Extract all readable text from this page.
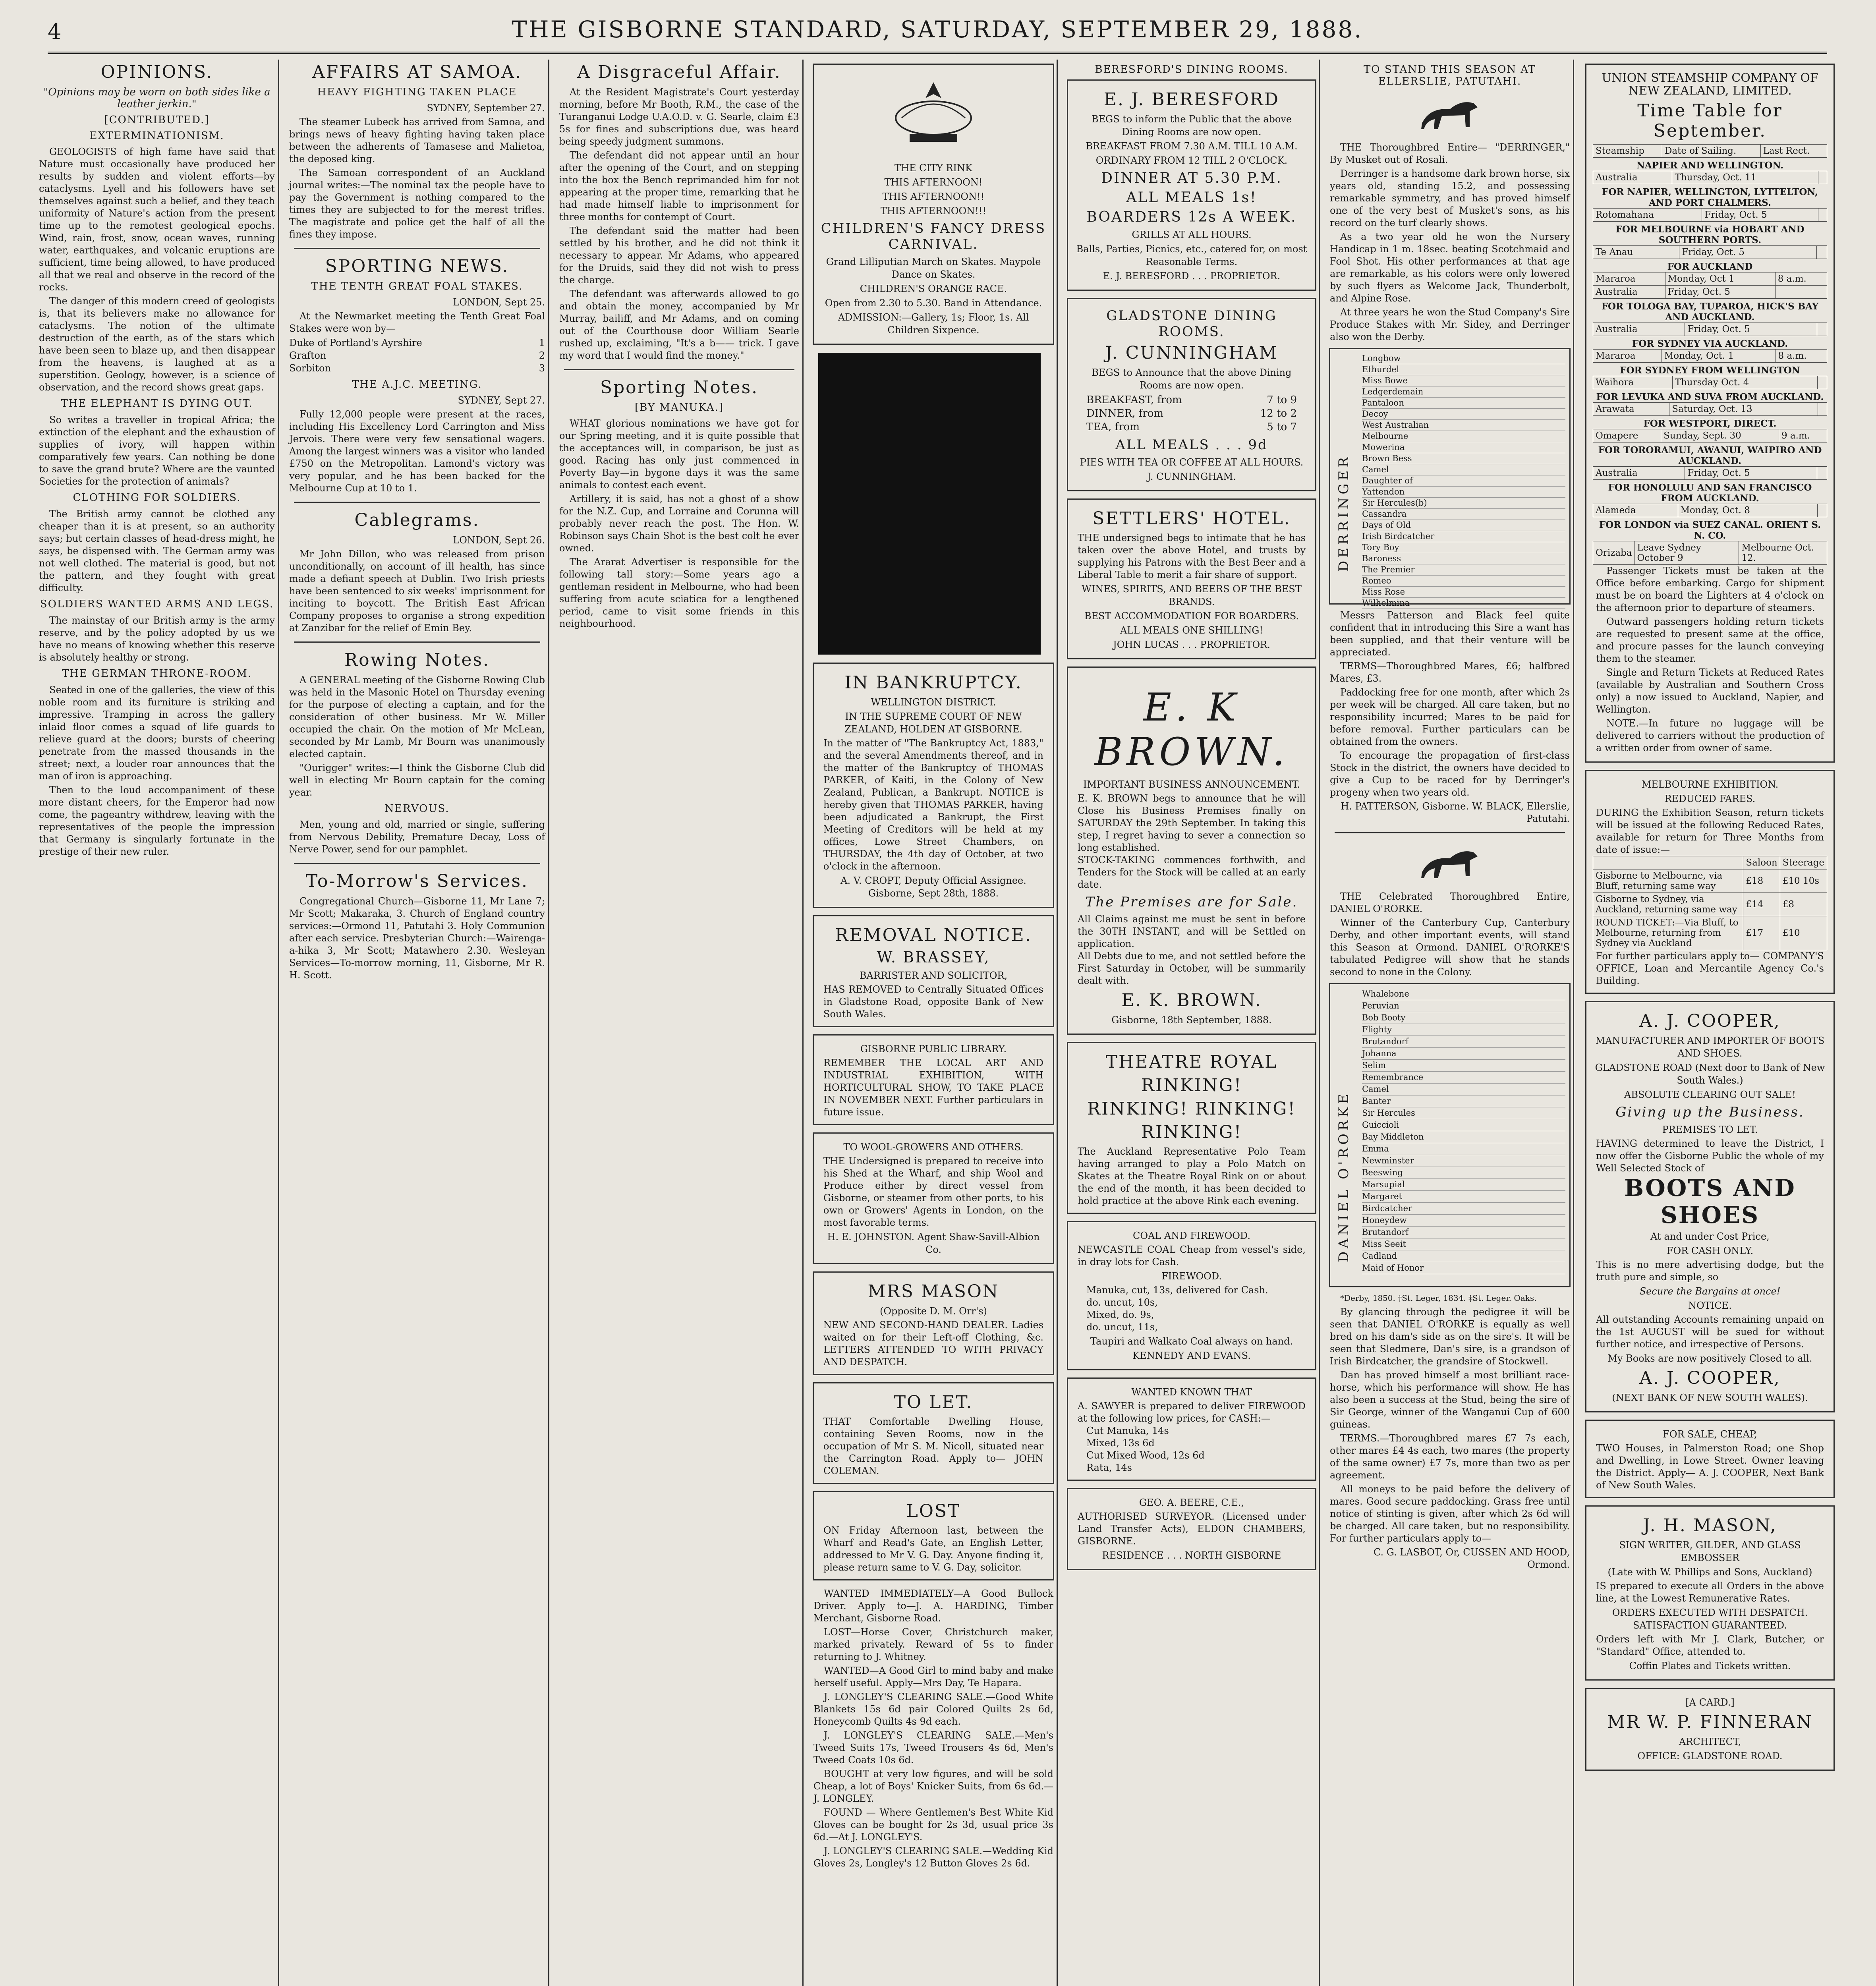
4	THE GISBORNE STANDARD, SATURDAY, SEPTEMBER 29, 1888.
OPINIONS.
"Opinions may be worn on both sides like a leather jerkin."
[CONTRIBUTED.]
EXTERMINATIONISM.

GEOLOGISTS of high fame have said that Nature must occasionally have produced her results by sudden and violent efforts—by cataclysms. Lyell and his followers have set themselves against such a belief, and they teach uniformity of Nature's action from the present time up to the remotest geological epochs. Wind, rain, frost, snow, ocean waves, running water, earthquakes, and volcanic eruptions are sufficient, time being allowed, to have produced all that we real and observe in the record of the rocks.

The danger of this modern creed of geologists is, that its believers make no allowance for cataclysms. The notion of the ultimate destruction of the earth, as of the stars which have been seen to blaze up, and then disappear from the heavens, is laughed at as a superstition. Geology, however, is a science of observation, and the record shows great gaps.

THE ELEPHANT IS DYING OUT.

So writes a traveller in tropical Africa; the extinction of the elephant and the exhaustion of supplies of ivory, will happen within comparatively few years. Can nothing be done to save the grand brute? Where are the vaunted Societies for the protection of animals?

CLOTHING FOR SOLDIERS.

The British army cannot be clothed any cheaper than it is at present, so an authority says; but certain classes of head-dress might, he says, be dispensed with. The German army was not well clothed. The material is good, but not the pattern, and they fought with great difficulty.

SOLDIERS WANTED ARMS AND LEGS.

The mainstay of our British army is the army reserve, and by the policy adopted by us we have no means of knowing whether this reserve is absolutely healthy or strong.

THE GERMAN THRONE-ROOM.

Seated in one of the galleries, the view of this noble room and its furniture is striking and impressive. Tramping in across the gallery inlaid floor comes a squad of life guards to relieve guard at the doors; bursts of cheering penetrate from the massed thousands in the street; next, a louder roar announces that the man of iron is approaching.

Then to the loud accompaniment of these more distant cheers, for the Emperor had now come, the pageantry withdrew, leaving with the representatives of the people the impression that Germany is singularly fortunate in the prestige of their new ruler.

AFFAIRS AT SAMOA.
HEAVY FIGHTING TAKEN PLACE

SYDNEY, September 27.

The steamer Lubeck has arrived from Samoa, and brings news of heavy fighting having taken place between the adherents of Tamasese and Malietoa, the deposed king.

The Samoan correspondent of an Auckland journal writes:—The nominal tax the people have to pay the Government is nothing compared to the times they are subjected to for the merest trifles. The magistrate and police get the half of all the fines they impose.

SPORTING NEWS.
THE TENTH GREAT FOAL STAKES.

LONDON, Sept 25.

At the Newmarket meeting the Tenth Great Foal Stakes were won by—

Duke of Portland's Ayrshire	1
Grafton	2
Sorbiton	3
THE A.J.C. MEETING.

SYDNEY, Sept 27.

Fully 12,000 people were present at the races, including His Excellency Lord Carrington and Miss Jervois. There were very few sensational wagers. Among the largest winners was a visitor who landed £750 on the Metropolitan. Lamond's victory was very popular, and he has been backed for the Melbourne Cup at 10 to 1.

Cablegrams.

LONDON, Sept 26.

Mr John Dillon, who was released from prison unconditionally, on account of ill health, has since made a defiant speech at Dublin. Two Irish priests have been sentenced to six weeks' imprisonment for inciting to boycott. The British East African Company proposes to organise a strong expedition at Zanzibar for the relief of Emin Bey.

Rowing Notes.

A GENERAL meeting of the Gisborne Rowing Club was held in the Masonic Hotel on Thursday evening for the purpose of electing a captain, and for the consideration of other business. Mr W. Miller occupied the chair. On the motion of Mr McLean, seconded by Mr Lamb, Mr Bourn was unanimously elected captain.

"Ourigger" writes:—I think the Gisborne Club did well in electing Mr Bourn captain for the coming year.

NERVOUS.

Men, young and old, married or single, suffering from Nervous Debility, Premature Decay, Loss of Nerve Power, send for our pamphlet.

To-Morrow's Services.

Congregational Church—Gisborne 11, Mr Lane 7; Mr Scott; Makaraka, 3. Church of England country services:—Ormond 11, Patutahi 3. Holy Communion after each service. Presbyterian Church:—Wairenga-a-hika 3, Mr Scott; Matawhero 2.30. Wesleyan Services—To-morrow morning, 11, Gisborne, Mr R. H. Scott.

A Disgraceful Affair.

At the Resident Magistrate's Court yesterday morning, before Mr Booth, R.M., the case of the Turanganui Lodge U.A.O.D. v. G. Searle, claim £3 5s for fines and subscriptions due, was heard being speedy judgment summons.

The defendant did not appear until an hour after the opening of the Court, and on stepping into the box the Bench reprimanded him for not appearing at the proper time, remarking that he had made himself liable to imprisonment for three months for contempt of Court.

The defendant said the matter had been settled by his brother, and he did not think it necessary to appear. Mr Adams, who appeared for the Druids, said they did not wish to press the charge.

The defendant was afterwards allowed to go and obtain the money, accompanied by Mr Murray, bailiff, and Mr Adams, and on coming out of the Courthouse door William Searle rushed up, exclaiming, "It's a b—— trick. I gave my word that I would find the money."

Sporting Notes.
[BY MANUKA.]

WHAT glorious nominations we have got for our Spring meeting, and it is quite possible that the acceptances will, in comparison, be just as good. Racing has only just commenced in Poverty Bay—in bygone days it was the same animals to contest each event.

Artillery, it is said, has not a ghost of a show for the N.Z. Cup, and Lorraine and Corunna will probably never reach the post. The Hon. W. Robinson says Chain Shot is the best colt he ever owned.

The Ararat Advertiser is responsible for the following tall story:—Some years ago a gentleman resident in Melbourne, who had been suffering from acute sciatica for a lengthened period, came to visit some friends in this neighbourhood.

THE CITY RINK
THIS AFTERNOON!
THIS AFTERNOON!!
THIS AFTERNOON!!!
CHILDREN'S FANCY DRESS CARNIVAL.
Grand Lilliputian March on Skates. Maypole Dance on Skates.
CHILDREN'S ORANGE RACE.
Open from 2.30 to 5.30. Band in Attendance.
ADMISSION:—Gallery, 1s; Floor, 1s. All Children Sixpence.
IN BANKRUPTCY.
WELLINGTON DISTRICT.
IN THE SUPREME COURT OF NEW ZEALAND, HOLDEN AT GISBORNE.
In the matter of "The Bankruptcy Act, 1883," and the several Amendments thereof, and in the matter of the Bankruptcy of THOMAS PARKER, of Kaiti, in the Colony of New Zealand, Publican, a Bankrupt. NOTICE is hereby given that THOMAS PARKER, having been adjudicated a Bankrupt, the First Meeting of Creditors will be held at my offices, Lowe Street Chambers, on THURSDAY, the 4th day of October, at two o'clock in the afternoon.
A. V. CROPT, Deputy Official Assignee. Gisborne, Sept 28th, 1888.
REMOVAL NOTICE.
W. BRASSEY,
BARRISTER AND SOLICITOR,
HAS REMOVED to Centrally Situated Offices in Gladstone Road, opposite Bank of New South Wales.
GISBORNE PUBLIC LIBRARY.
REMEMBER THE LOCAL ART AND INDUSTRIAL EXHIBITION, WITH HORTICULTURAL SHOW, TO TAKE PLACE IN NOVEMBER NEXT. Further particulars in future issue.
TO WOOL-GROWERS AND OTHERS.
THE Undersigned is prepared to receive into his Shed at the Wharf, and ship Wool and Produce either by direct vessel from Gisborne, or steamer from other ports, to his own or Growers' Agents in London, on the most favorable terms.
H. E. JOHNSTON. Agent Shaw-Savill-Albion Co.
MRS MASON
(Opposite D. M. Orr's)
NEW AND SECOND-HAND DEALER. Ladies waited on for their Left-off Clothing, &c. LETTERS ATTENDED TO WITH PRIVACY AND DESPATCH.
TO LET.
THAT Comfortable Dwelling House, containing Seven Rooms, now in the occupation of Mr S. M. Nicoll, situated near the Carrington Road. Apply to— JOHN COLEMAN.
LOST
ON Friday Afternoon last, between the Wharf and Read's Gate, an English Letter, addressed to Mr V. G. Day. Anyone finding it, please return same to V. G. Day, solicitor.

WANTED IMMEDIATELY—A Good Bullock Driver. Apply to—J. A. HARDING, Timber Merchant, Gisborne Road.

LOST—Horse Cover, Christchurch maker, marked privately. Reward of 5s to finder returning to J. Whitney.

WANTED—A Good Girl to mind baby and make herself useful. Apply—Mrs Day, Te Hapara.

J. LONGLEY'S CLEARING SALE.—Good White Blankets 15s 6d pair Colored Quilts 2s 6d, Honeycomb Quilts 4s 9d each.

J. LONGLEY'S CLEARING SALE.—Men's Tweed Suits 17s, Tweed Trousers 4s 6d, Men's Tweed Coats 10s 6d.

BOUGHT at very low figures, and will be sold Cheap, a lot of Boys' Knicker Suits, from 6s 6d.—J. LONGLEY.

FOUND — Where Gentlemen's Best White Kid Gloves can be bought for 2s 3d, usual price 3s 6d.—At J. LONGLEY'S.

J. LONGLEY'S CLEARING SALE.—Wedding Kid Gloves 2s, Longley's 12 Button Gloves 2s 6d.

BERESFORD'S DINING ROOMS.
E. J. BERESFORD
BEGS to inform the Public that the above Dining Rooms are now open.
BREAKFAST FROM 7.30 A.M. TILL 10 A.M.
ORDINARY FROM 12 TILL 2 O'CLOCK.
DINNER AT 5.30 P.M.
ALL MEALS 1s!
BOARDERS 12s A WEEK.
GRILLS AT ALL HOURS.
Balls, Parties, Picnics, etc., catered for, on most Reasonable Terms.
E. J. BERESFORD . . . PROPRIETOR.
GLADSTONE DINING ROOMS.
J. CUNNINGHAM
BEGS to Announce that the above Dining Rooms are now open.
BREAKFAST, from	7 to 9
DINNER, from	12 to 2
TEA, from	5 to 7
ALL MEALS . . . 9d
PIES WITH TEA OR COFFEE AT ALL HOURS.
J. CUNNINGHAM.
SETTLERS' HOTEL.
THE undersigned begs to intimate that he has taken over the above Hotel, and trusts by supplying his Patrons with the Best Beer and a Liberal Table to merit a fair share of support.
WINES, SPIRITS, AND BEERS OF THE BEST BRANDS.
BEST ACCOMMODATION FOR BOARDERS.
ALL MEALS ONE SHILLING!
JOHN LUCAS . . . PROPRIETOR.
E. K BROWN.
IMPORTANT BUSINESS ANNOUNCEMENT.
E. K. BROWN begs to announce that he will Close his Business Premises finally on SATURDAY the 29th September. In taking this step, I regret having to sever a connection so long established.
STOCK-TAKING commences forthwith, and Tenders for the Stock will be called at an early date.
The Premises are for Sale.
All Claims against me must be sent in before the 30TH INSTANT, and will be Settled on application.
All Debts due to me, and not settled before the First Saturday in October, will be summarily dealt with.
E. K. BROWN.
Gisborne, 18th September, 1888.
THEATRE ROYAL
RINKING!
RINKING! RINKING!
RINKING!
The Auckland Representative Polo Team having arranged to play a Polo Match on Skates at the Theatre Royal Rink on or about the end of the month, it has been decided to hold practice at the above Rink each evening.
COAL AND FIREWOOD.
NEWCASTLE COAL Cheap from vessel's side, in dray lots for Cash.
FIREWOOD.
Manuka, cut, 13s, delivered for Cash.
do. uncut, 10s,
Mixed, do. 9s,
do. uncut, 11s,
Taupiri and Walkato Coal always on hand.
KENNEDY AND EVANS.
WANTED KNOWN THAT
A. SAWYER is prepared to deliver FIREWOOD at the following low prices, for CASH:—
Cut Manuka, 14s
Mixed, 13s 6d
Cut Mixed Wood, 12s 6d
Rata, 14s
GEO. A. BEERE, C.E.,
AUTHORISED SURVEYOR. (Licensed under Land Transfer Acts), ELDON CHAMBERS, GISBORNE.
RESIDENCE . . . NORTH GISBORNE
TO STAND THIS SEASON AT ELLERSLIE, PATUTAHI.

THE Thoroughbred Entire— "DERRINGER," By Musket out of Rosali.

Derringer is a handsome dark brown horse, six years old, standing 15.2, and possessing remarkable symmetry, and has proved himself one of the very best of Musket's sons, as his record on the turf clearly shows.

As a two year old he won the Nursery Handicap in 1 m. 18sec. beating Scotchmaid and Fool Shot. His other performances at that age are remarkable, as his colors were only lowered by such flyers as Welcome Jack, Thunderbolt, and Alpine Rose.

At three years he won the Stud Company's Sire Produce Stakes with Mr. Sidey, and Derringer also won the Derby.

DERRINGER
Longbow
Ethurdel
Miss Bowe
Ledgerdemain
Pantaloon
Decoy
West Australian
Melbourne
Mowerina
Brown Bess
Camel
Daughter of
Yattendon
Sir Hercules(b)
Cassandra
Days of Old
Irish Birdcatcher
Tory Boy
Baroness
The Premier
Romeo
Miss Rose
Wilhelmina

Messrs Patterson and Black feel quite confident that in introducing this Sire a want has been supplied, and that their venture will be appreciated.

TERMS—Thoroughbred Mares, £6; halfbred Mares, £3.

Paddocking free for one month, after which 2s per week will be charged. All care taken, but no responsibility incurred; Mares to be paid for before removal. Further particulars can be obtained from the owners.

To encourage the propagation of first-class Stock in the district, the owners have decided to give a Cup to be raced for by Derringer's progeny when two years old.

H. PATTERSON, Gisborne. W. BLACK, Ellerslie, Patutahi.

THE Celebrated Thoroughbred Entire, DANIEL O'RORKE.

Winner of the Canterbury Cup, Canterbury Derby, and other important events, will stand this Season at Ormond. DANIEL O'RORKE'S tabulated Pedigree will show that he stands second to none in the Colony.

DANIEL O'RORKE
Whalebone
Peruvian
Bob Booty
Flighty
Brutandorf
Johanna
Selim
Remembrance
Camel
Banter
Sir Hercules
Guiccioli
Bay Middleton
Emma
Newminster
Beeswing
Marsupial
Margaret
Birdcatcher
Honeydew
Brutandorf
Miss Seeit
Cadland
Maid of Honor

*Derby, 1850. †St. Leger, 1834. ‡St. Leger. Oaks.

By glancing through the pedigree it will be seen that DANIEL O'RORKE is equally as well bred on his dam's side as on the sire's. It will be seen that Sledmere, Dan's sire, is a grandson of Irish Birdcatcher, the grandsire of Stockwell.

Dan has proved himself a most brilliant race-horse, which his performance will show. He has also been a success at the Stud, being the sire of Sir George, winner of the Wanganui Cup of 600 guineas.

TERMS.—Thoroughbred mares £7 7s each, other mares £4 4s each, two mares (the property of the same owner) £7 7s, more than two as per agreement.

All moneys to be paid before the delivery of mares. Good secure paddocking. Grass free until notice of stinting is given, after which 2s 6d will be charged. All care taken, but no responsibility. For further particulars apply to—

C. G. LASBOT, Or, CUSSEN AND HOOD, Ormond.

UNION STEAMSHIP COMPANY OF NEW ZEALAND, LIMITED.
Time Table for September.
Steamship	Date of Sailing.	Last Rect.
NAPIER AND WELLINGTON.
Australia	Thursday, Oct. 11	
FOR NAPIER, WELLINGTON, LYTTELTON, AND PORT CHALMERS.
Rotomahana	Friday, Oct. 5	
FOR MELBOURNE via HOBART AND SOUTHERN PORTS.
Te Anau	Friday, Oct. 5	
FOR AUCKLAND
Mararoa	Monday, Oct 1	8 a.m.
Australia	Friday, Oct. 5	
FOR TOLOGA BAY, TUPAROA, HICK'S BAY AND AUCKLAND.
Australia	Friday, Oct. 5	
FOR SYDNEY VIA AUCKLAND.
Mararoa	Monday, Oct. 1	8 a.m.
FOR SYDNEY FROM WELLINGTON
Waihora	Thursday Oct. 4	
FOR LEVUKA AND SUVA FROM AUCKLAND.
Arawata	Saturday, Oct. 13	
FOR WESTPORT, DIRECT.
Omapere	Sunday, Sept. 30	9 a.m.
FOR TORORAMUI, AWANUI, WAIPIRO AND AUCKLAND.
Australia	Friday, Oct. 5	
FOR HONOLULU AND SAN FRANCISCO FROM AUCKLAND.
Alameda	Monday, Oct. 8	
FOR LONDON via SUEZ CANAL. ORIENT S. N. CO.
Orizaba	Leave Sydney October 9	Melbourne Oct. 12.

Passenger Tickets must be taken at the Office before embarking. Cargo for shipment must be on board the Lighters at 4 o'clock on the afternoon prior to departure of steamers.

Outward passengers holding return tickets are requested to present same at the office, and procure passes for the launch conveying them to the steamer.

Single and Return Tickets at Reduced Rates (available by Australian and Southern Cross only) a now issued to Auckland, Napier, and Wellington.

NOTE.—In future no luggage will be delivered to carriers without the production of a written order from owner of same.

MELBOURNE EXHIBITION.
REDUCED FARES.
DURING the Exhibition Season, return tickets will be issued at the following Reduced Rates, available for return for Three Months from date of issue:—
	Saloon	Steerage
Gisborne to Melbourne, via Bluff, returning same way	£18	£10 10s
Gisborne to Sydney, via Auckland, returning same way	£14	£8
ROUND TICKET:—Via Bluff, to Melbourne, returning from Sydney via Auckland	£17	£10
For further particulars apply to— COMPANY'S OFFICE, Loan and Mercantile Agency Co.'s Building.
A. J. COOPER,
MANUFACTURER AND IMPORTER OF BOOTS AND SHOES.
GLADSTONE ROAD (Next door to Bank of New South Wales.)
ABSOLUTE CLEARING OUT SALE!
Giving up the Business.
PREMISES TO LET.
HAVING determined to leave the District, I now offer the Gisborne Public the whole of my Well Selected Stock of
BOOTS AND SHOES
At and under Cost Price,
FOR CASH ONLY.
This is no mere advertising dodge, but the truth pure and simple, so
Secure the Bargains at once!
NOTICE.
All outstanding Accounts remaining unpaid on the 1st AUGUST will be sued for without further notice, and irrespective of Persons.
My Books are now positively Closed to all.
A. J. COOPER,
(NEXT BANK OF NEW SOUTH WALES).
FOR SALE, CHEAP,
TWO Houses, in Palmerston Road; one Shop and Dwelling, in Lowe Street. Owner leaving the District. Apply— A. J. COOPER, Next Bank of New South Wales.
J. H. MASON,
SIGN WRITER, GILDER, AND GLASS EMBOSSER
(Late with W. Phillips and Sons, Auckland)
IS prepared to execute all Orders in the above line, at the Lowest Remunerative Rates.
ORDERS EXECUTED WITH DESPATCH. SATISFACTION GUARANTEED.
Orders left with Mr J. Clark, Butcher, or "Standard" Office, attended to.
Coffin Plates and Tickets written.
[A CARD.]
MR W. P. FINNERAN
ARCHITECT,
OFFICE: GLADSTONE ROAD.
